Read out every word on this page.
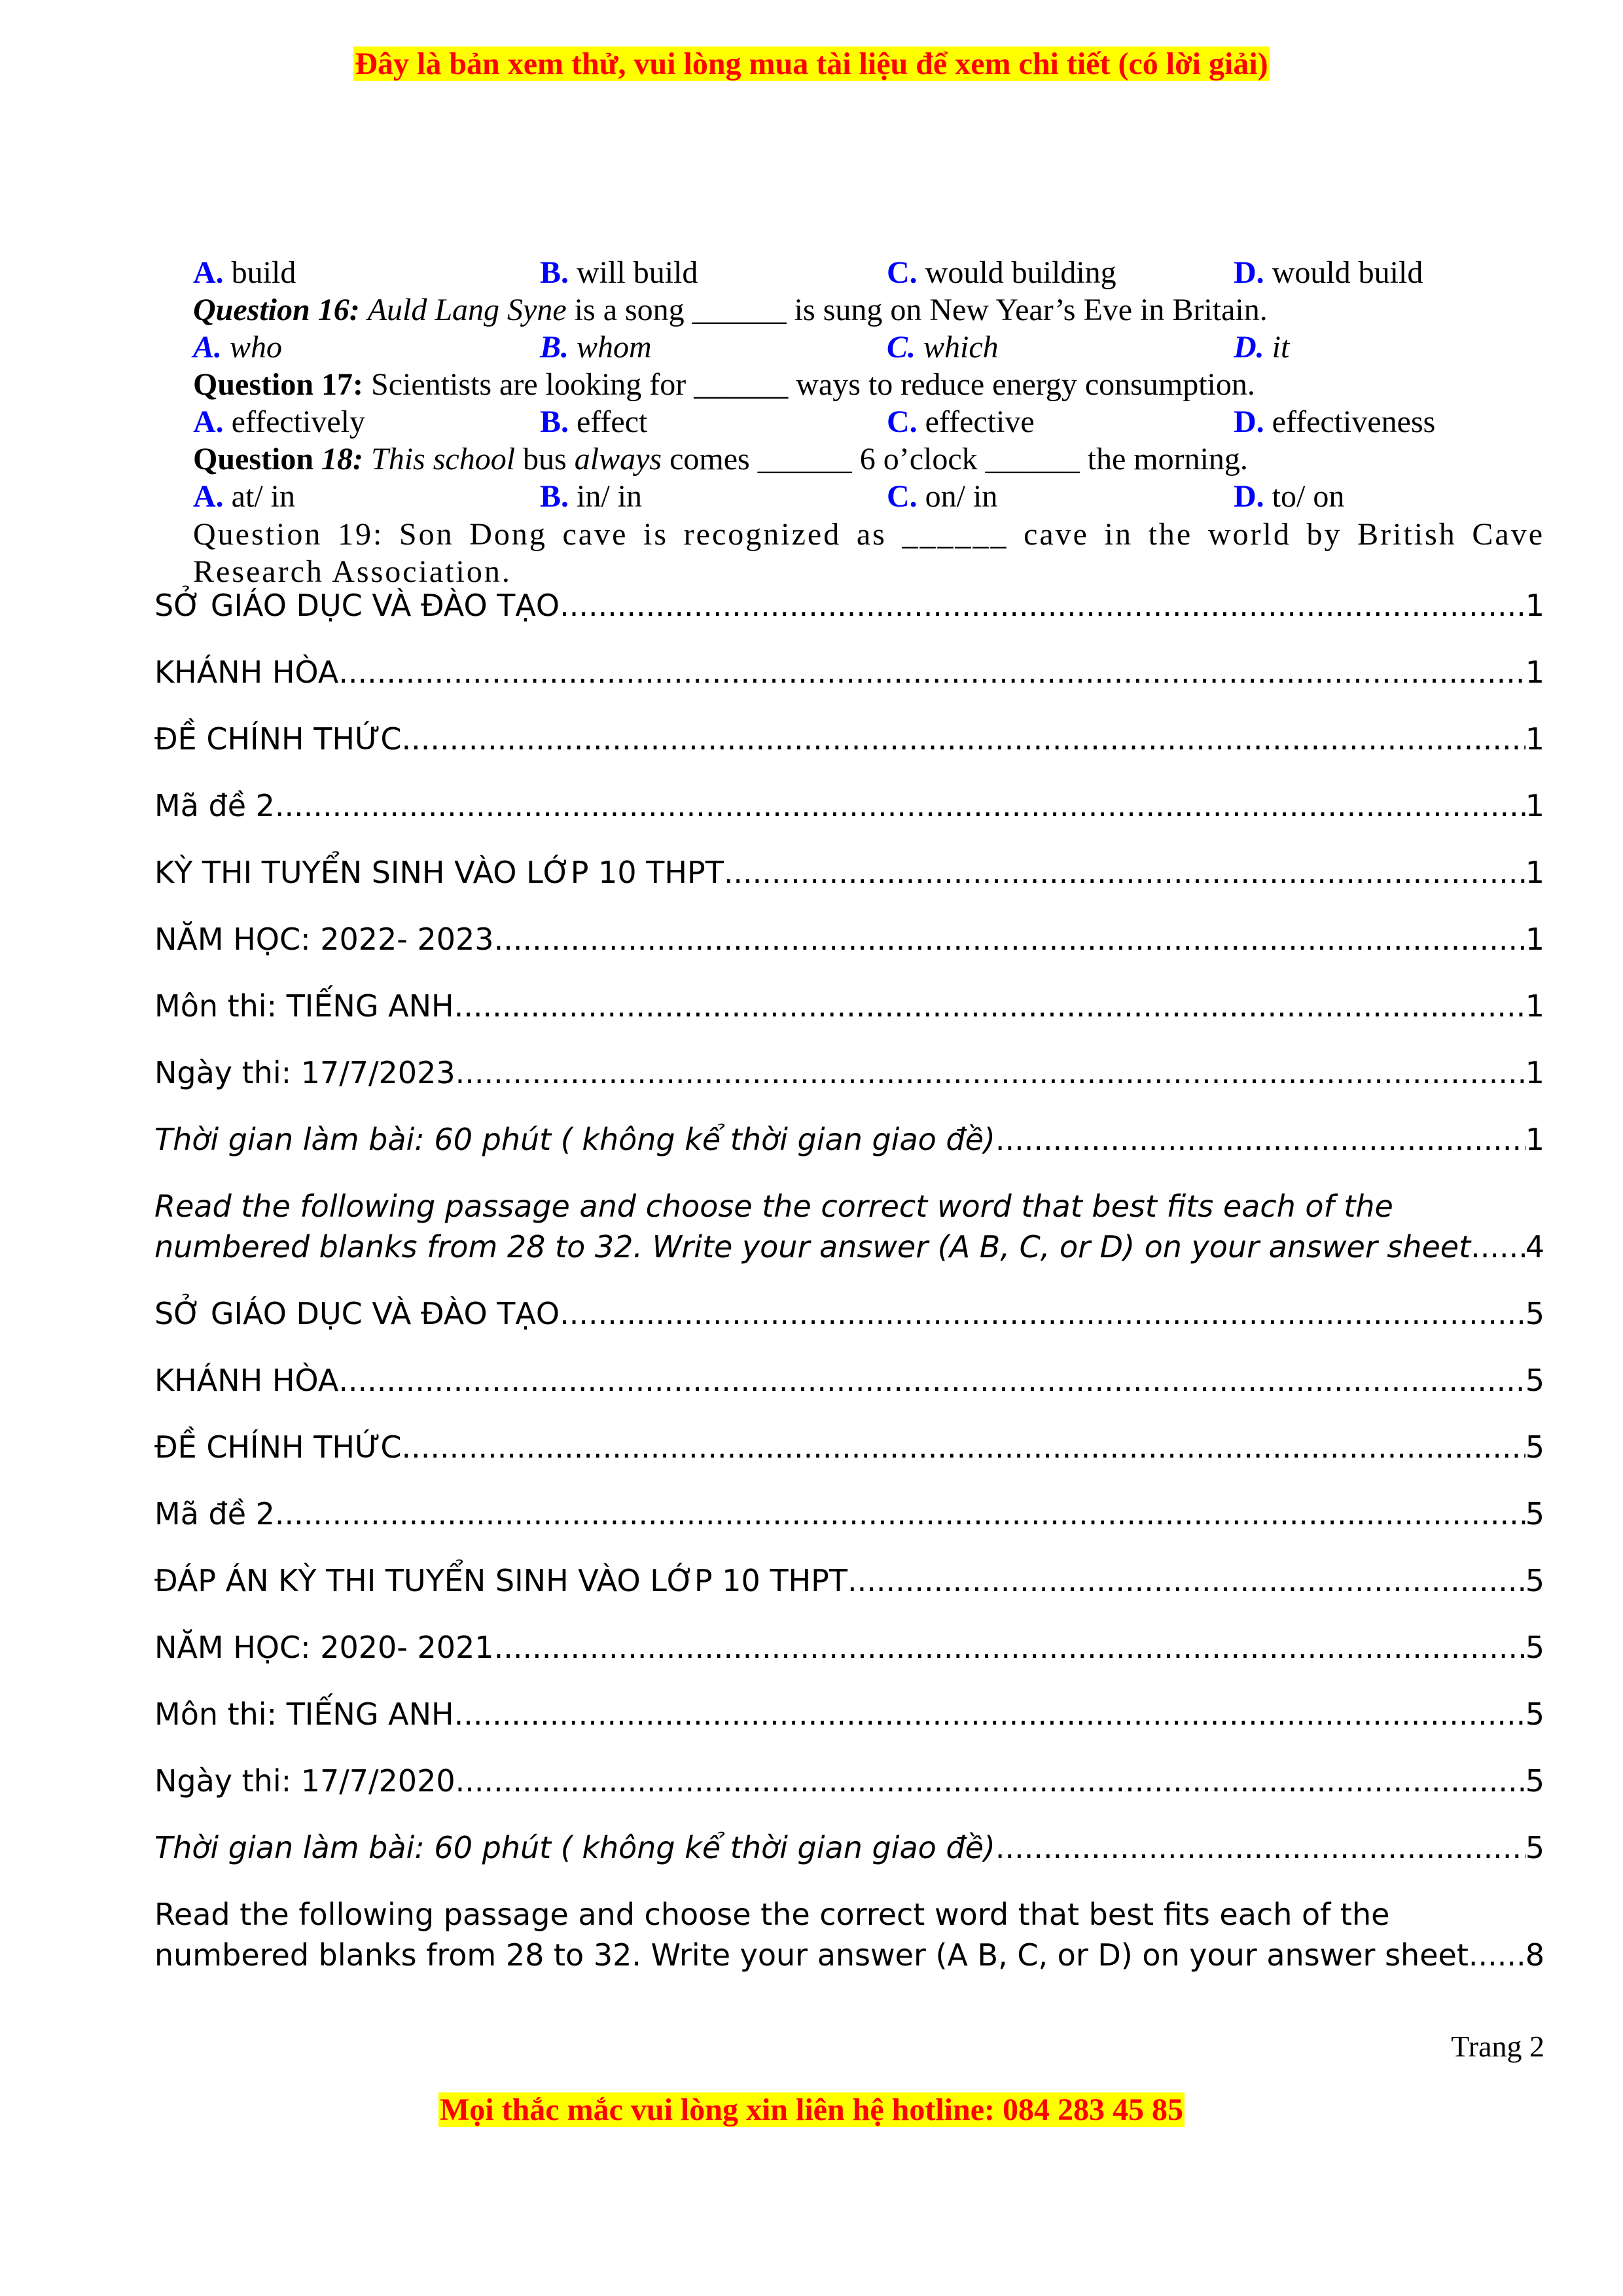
Đây là bản xem thử, vui lòng mua tài liệu để xem chi tiết (có lời giải)
A. build	B. will build	C. would building	D. would build
Question 16: Auld Lang Syne is a song ______ is sung on New Year’s Eve in Britain.
A. who	B. whom	C. which	D. it
Question 17: Scientists are looking for ______ ways to reduce energy consumption.
A. effectively	B. effect	C. effective	D. effectiveness
Question 18: This school bus always comes ______ 6 o’clock ______ the morning.
A. at/ in	B. in/ in	C. on/ in	D. to/ on
Question 19: Son Dong cave is recognized as ______ cave in the world by British Cave Research Association.
SỞ GIÁO DỤC VÀ ĐÀO TẠO .....	1
KHÁNH HÒA .....	1
ĐỀ CHÍNH THỨC .....	1
Mã đề 2 .....	1
KỲ THI TUYỂN SINH VÀO LỚP 10 THPT .....	1
NĂM HỌC: 2022- 2023 .....	1
Môn thi: TIẾNG ANH .....	1
Ngày thi: 17/7/2023 .....	1
Thời gian làm bài: 60 phút ( không kể thời gian giao đề) .....	1
Read the following passage and choose the correct word that best fits each of the
numbered blanks from 28 to 32. Write your answer (A B, C, or D) on your answer sheet ..... 4
SỞ GIÁO DỤC VÀ ĐÀO TẠO .....	5
KHÁNH HÒA .....	5
ĐỀ CHÍNH THỨC .....	5
Mã đề 2 .....	5
ĐÁP ÁN KỲ THI TUYỂN SINH VÀO LỚP 10 THPT .....	5
NĂM HỌC: 2020- 2021 .....	5
Môn thi: TIẾNG ANH .....	5
Ngày thi: 17/7/2020 .....	5
Thời gian làm bài: 60 phút ( không kể thời gian giao đề) .....	5
Read the following passage and choose the correct word that best fits each of the
numbered blanks from 28 to 32. Write your answer (A B, C, or D) on your answer sheet ..... 8
Trang 2
Mọi thắc mắc vui lòng xin liên hệ hotline: 084 283 45 85
